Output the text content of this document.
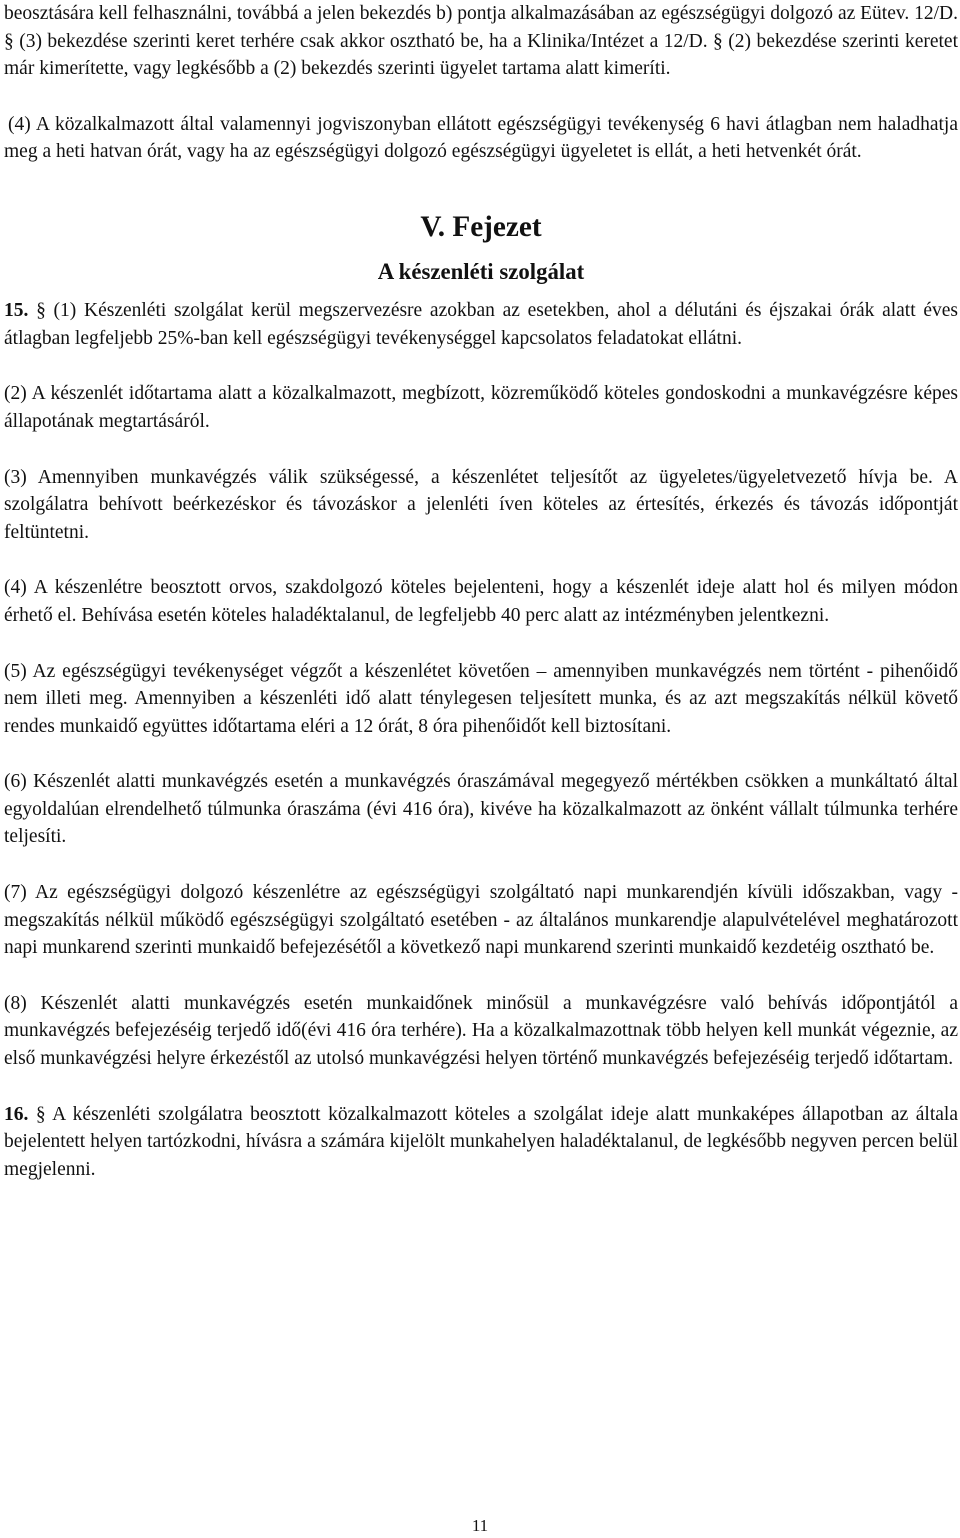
beosztására kell felhasználni, továbbá a jelen bekezdés b) pontja alkalmazásában az egészségügyi dolgozó az Eütev. 12/D. § (3) bekezdése szerinti keret terhére csak akkor osztható be, ha a Klinika/Intézet a 12/D. § (2) bekezdése szerinti keretet már kimerítette, vagy legkésőbb a (2) bekezdés szerinti ügyelet tartama alatt kimeríti.

(4) A közalkalmazott által valamennyi jogviszonyban ellátott egészségügyi tevékenység 6 havi átlagban nem haladhatja meg a heti hatvan órát, vagy ha az egészségügyi dolgozó egészségügyi ügyeletet is ellát, a heti hetvenkét órát.

V. Fejezet
A készenléti szolgálat

15. § (1) Készenléti szolgálat kerül megszervezésre azokban az esetekben, ahol a délutáni és éjszakai órák alatt éves átlagban legfeljebb 25%-ban kell egészségügyi tevékenységgel kapcsolatos feladatokat ellátni.

(2) A készenlét időtartama alatt a közalkalmazott, megbízott, közreműködő köteles gondoskodni a munkavégzésre képes állapotának megtartásáról.

(3) Amennyiben munkavégzés válik szükségessé, a készenlétet teljesítőt az ügyeletes/ügyeletvezető hívja be. A szolgálatra behívott beérkezéskor és távozáskor a jelenléti íven köteles az értesítés, érkezés és távozás időpontját feltüntetni.

(4) A készenlétre beosztott orvos, szakdolgozó köteles bejelenteni, hogy a készenlét ideje alatt hol és milyen módon érhető el. Behívása esetén köteles haladéktalanul, de legfeljebb 40 perc alatt az intézményben jelentkezni.

(5) Az egészségügyi tevékenységet végzőt a készenlétet követően – amennyiben munkavégzés nem történt - pihenőidő nem illeti meg. Amennyiben a készenléti idő alatt ténylegesen teljesített munka, és az azt megszakítás nélkül követő rendes munkaidő együttes időtartama eléri a 12 órát, 8 óra pihenőidőt kell biztosítani.

(6) Készenlét alatti munkavégzés esetén a munkavégzés óraszámával megegyező mértékben csökken a munkáltató által egyoldalúan elrendelhető túlmunka óraszáma (évi 416 óra), kivéve ha közalkalmazott az önként vállalt túlmunka terhére teljesíti.

(7) Az egészségügyi dolgozó készenlétre az egészségügyi szolgáltató napi munkarendjén kívüli időszakban, vagy - megszakítás nélkül működő egészségügyi szolgáltató esetében - az általános munkarendje alapulvételével meghatározott napi munkarend szerinti munkaidő befejezésétől a következő napi munkarend szerinti munkaidő kezdetéig osztható be.

(8) Készenlét alatti munkavégzés esetén munkaidőnek minősül a munkavégzésre való behívás időpontjától a munkavégzés befejezéséig terjedő idő(évi 416 óra terhére). Ha a közalkalmazottnak több helyen kell munkát végeznie, az első munkavégzési helyre érkezéstől az utolsó munkavégzési helyen történő munkavégzés befejezéséig terjedő időtartam.

16. § A készenléti szolgálatra beosztott közalkalmazott köteles a szolgálat ideje alatt munkaképes állapotban az általa bejelentett helyen tartózkodni, hívásra a számára kijelölt munkahelyen haladéktalanul, de legkésőbb negyven percen belül megjelenni.

11
